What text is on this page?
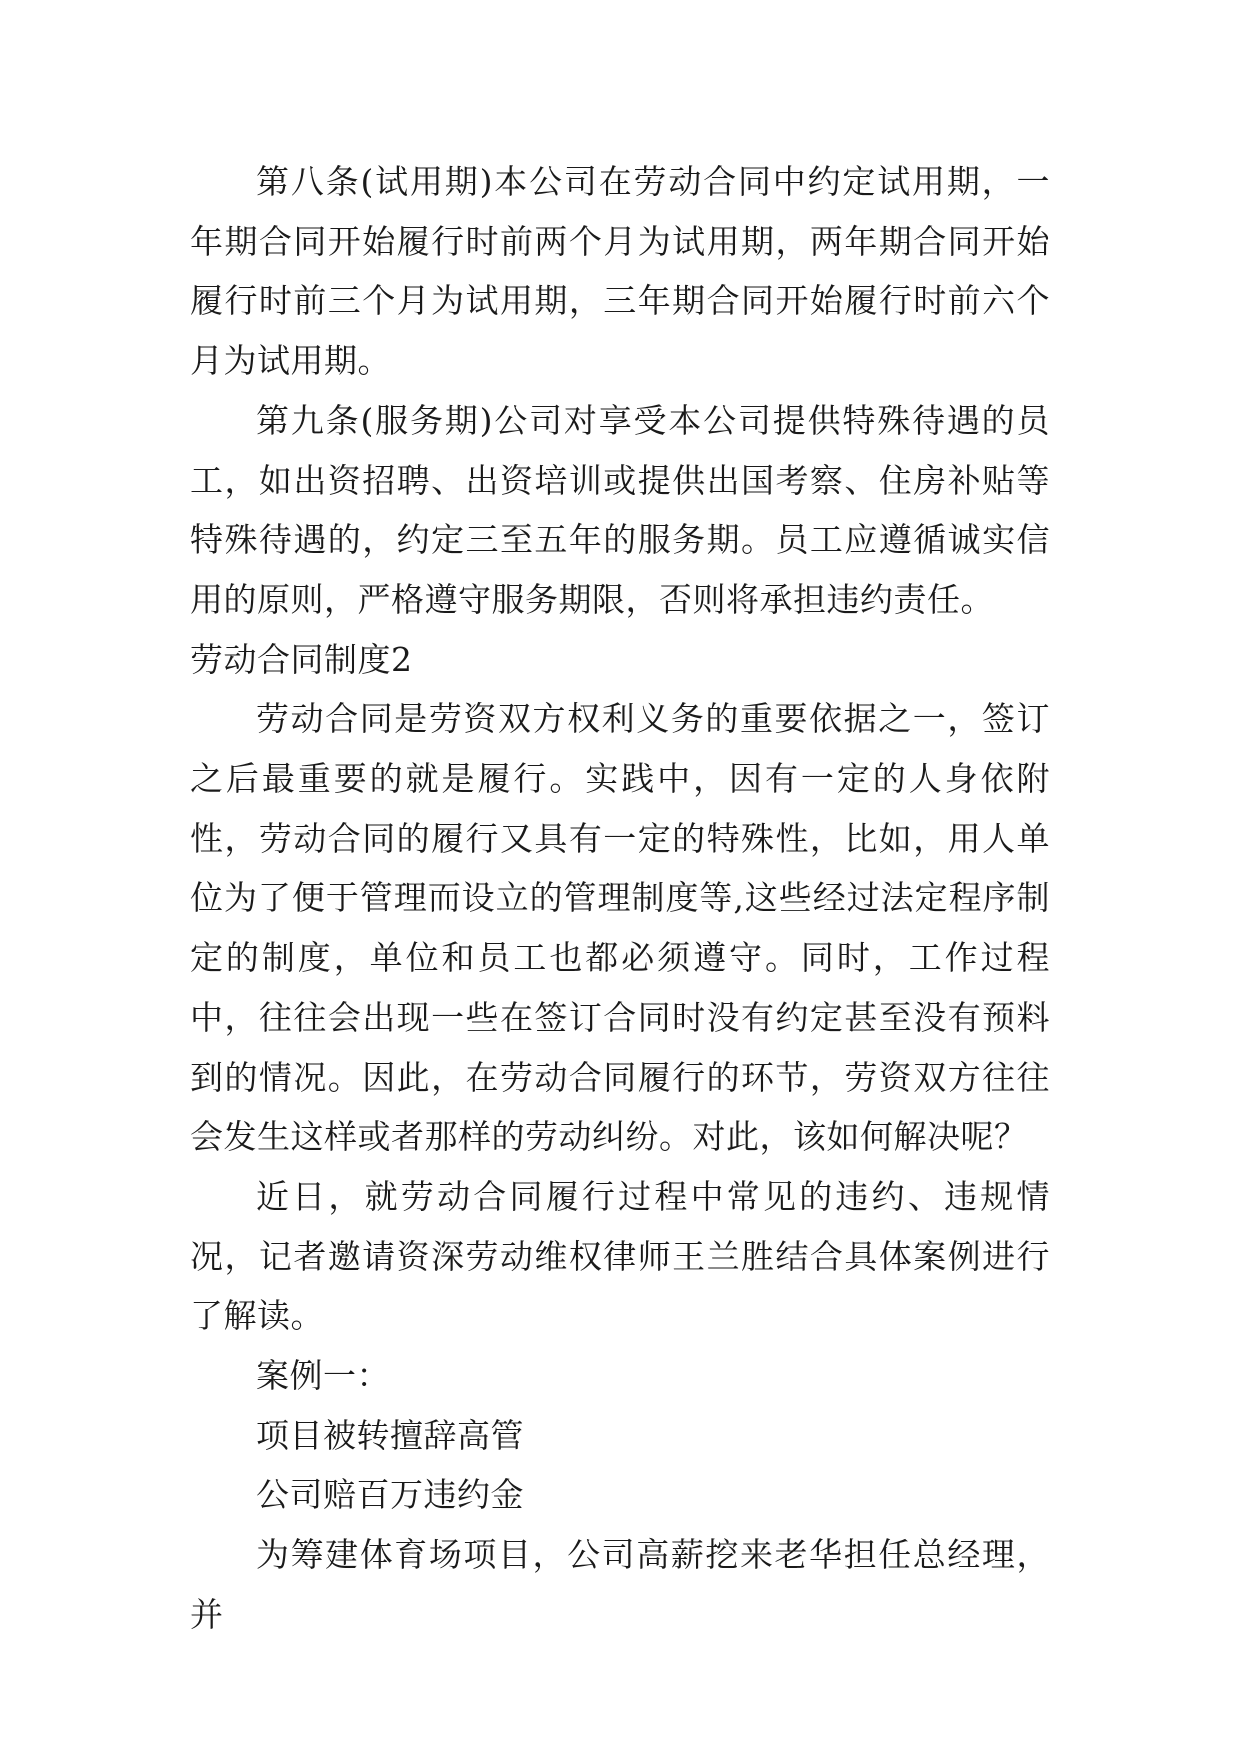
第八条(试用期)本公司在劳动合同中约定试用期，一年期合同开始履行时前两个月为试用期，两年期合同开始履行时前三个月为试用期，三年期合同开始履行时前六个月为试用期。

第九条(服务期)公司对享受本公司提供特殊待遇的员工，如出资招聘、出资培训或提供出国考察、住房补贴等特殊待遇的，约定三至五年的服务期。员工应遵循诚实信用的原则，严格遵守服务期限，否则将承担违约责任。

劳动合同制度2

劳动合同是劳资双方权利义务的重要依据之一，签订之后最重要的就是履行。实践中，因有一定的人身依附性，劳动合同的履行又具有一定的特殊性，比如，用人单位为了便于管理而设立的管理制度等,这些经过法定程序制定的制度，单位和员工也都必须遵守。同时，工作过程中，往往会出现一些在签订合同时没有约定甚至没有预料到的情况。因此，在劳动合同履行的环节，劳资双方往往会发生这样或者那样的劳动纠纷。对此，该如何解决呢？

近日，就劳动合同履行过程中常见的违约、违规情况，记者邀请资深劳动维权律师王兰胜结合具体案例进行了解读。

案例一：

项目被转擅辞高管

公司赔百万违约金

为筹建体育场项目，公司高薪挖来老华担任总经理，并
